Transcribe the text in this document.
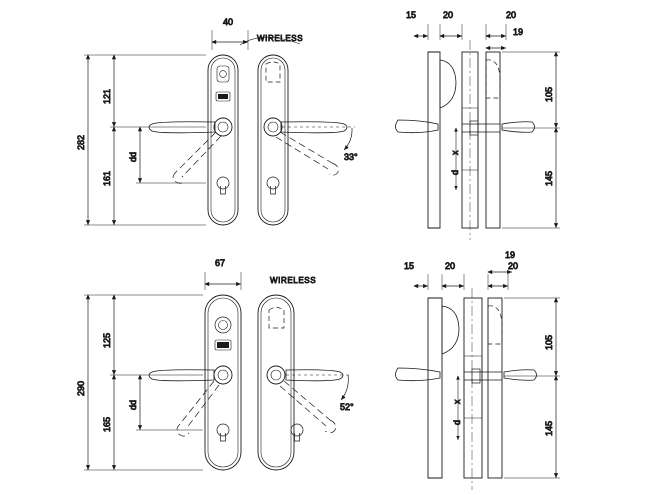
WIRELESS
40
282
121
161
dd	33°
15	20	20
19
105
145
d
x
WIRELESS
67
290
125
165
dd	52°
15	20	20
19
105
145
d
x
